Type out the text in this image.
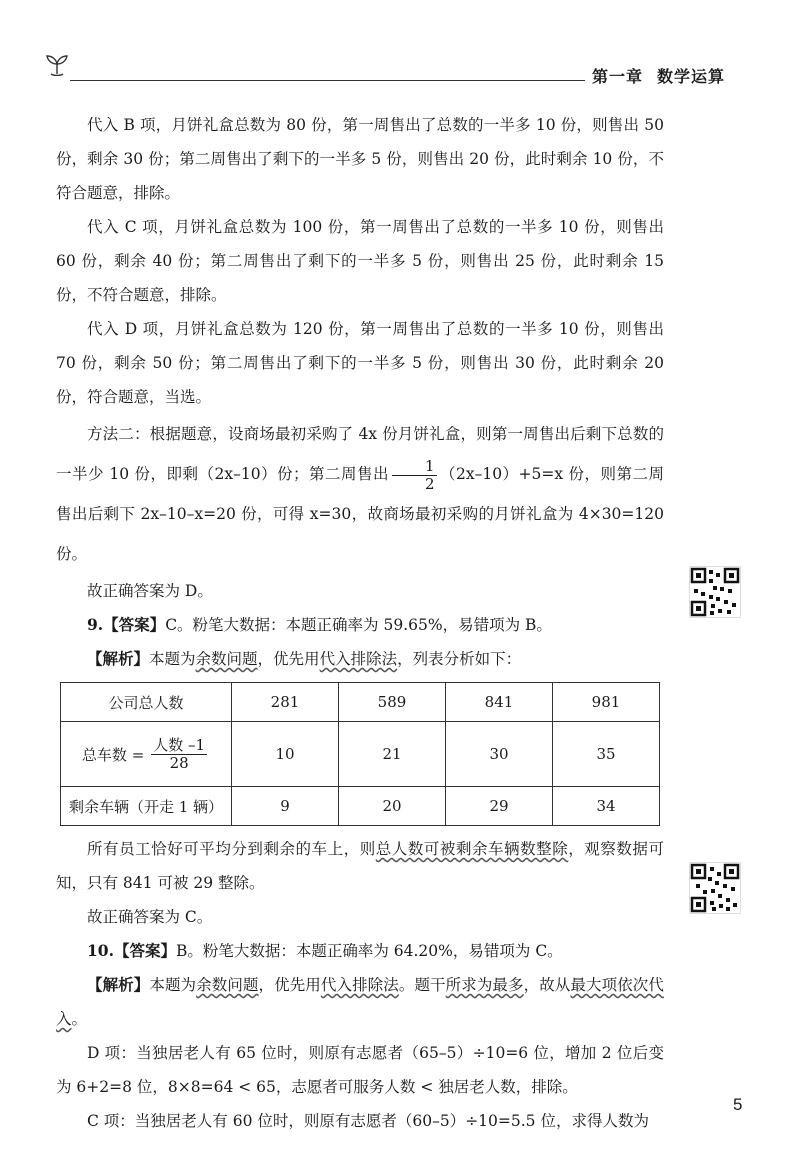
第一章 数学运算

代入 B 项，月饼礼盒总数为 80 份，第一周售出了总数的一半多 10 份，则售出 50 份，剩余 30 份；第二周售出了剩下的一半多 5 份，则售出 20 份，此时剩余 10 份，不符合题意，排除。

代入 C 项，月饼礼盒总数为 100 份，第一周售出了总数的一半多 10 份，则售出 60 份，剩余 40 份；第二周售出了剩下的一半多 5 份，则售出 25 份，此时剩余 15 份，不符合题意，排除。

代入 D 项，月饼礼盒总数为 120 份，第一周售出了总数的一半多 10 份，则售出 70 份，剩余 50 份；第二周售出了剩下的一半多 5 份，则售出 30 份，此时剩余 20 份，符合题意，当选。

方法二：根据题意，设商场最初采购了 4x 份月饼礼盒，则第一周售出后剩下总数的一半少 10 份，即剩（2x–10）份；第二周售出 $\frac{1}{2} (2x-10)+5=x$ 份，则第二周售出后剩下 2x–10–x=20 份，可得 x=30，故商场最初采购的月饼礼盒为 4×30=120 份。

故正确答案为 D。

9.【答案】C。粉笔大数据：本题正确率为 59.65%，易错项为 B。

【解析】本题为余数问题，优先用代入排除法，列表分析如下：

公司总人数	281	589	841	981

总车数 = $\frac{\text{人数 –1}}{28}$	10	21	30	35
剩余车辆（开走 1 辆）	9	20	29	34

所有员工恰好可平均分到剩余的车上，则总人数可被剩余车辆数整除，观察数据可知，只有 841 可被 29 整除。

故正确答案为 C。

10.【答案】B。粉笔大数据：本题正确率为 64.20%，易错项为 C。

【解析】本题为余数问题，优先用代入排除法。题干所求为最多，故从最大项依次代入。

D 项：当独居老人有 65 位时，则原有志愿者（65–5）÷10=6 位，增加 2 位后变为 6+2=8 位，8×8=64 < 65，志愿者可服务人数 < 独居老人数，排除。

C 项：当独居老人有 60 位时，则原有志愿者（60–5）÷10=5.5 位，求得人数为

5
